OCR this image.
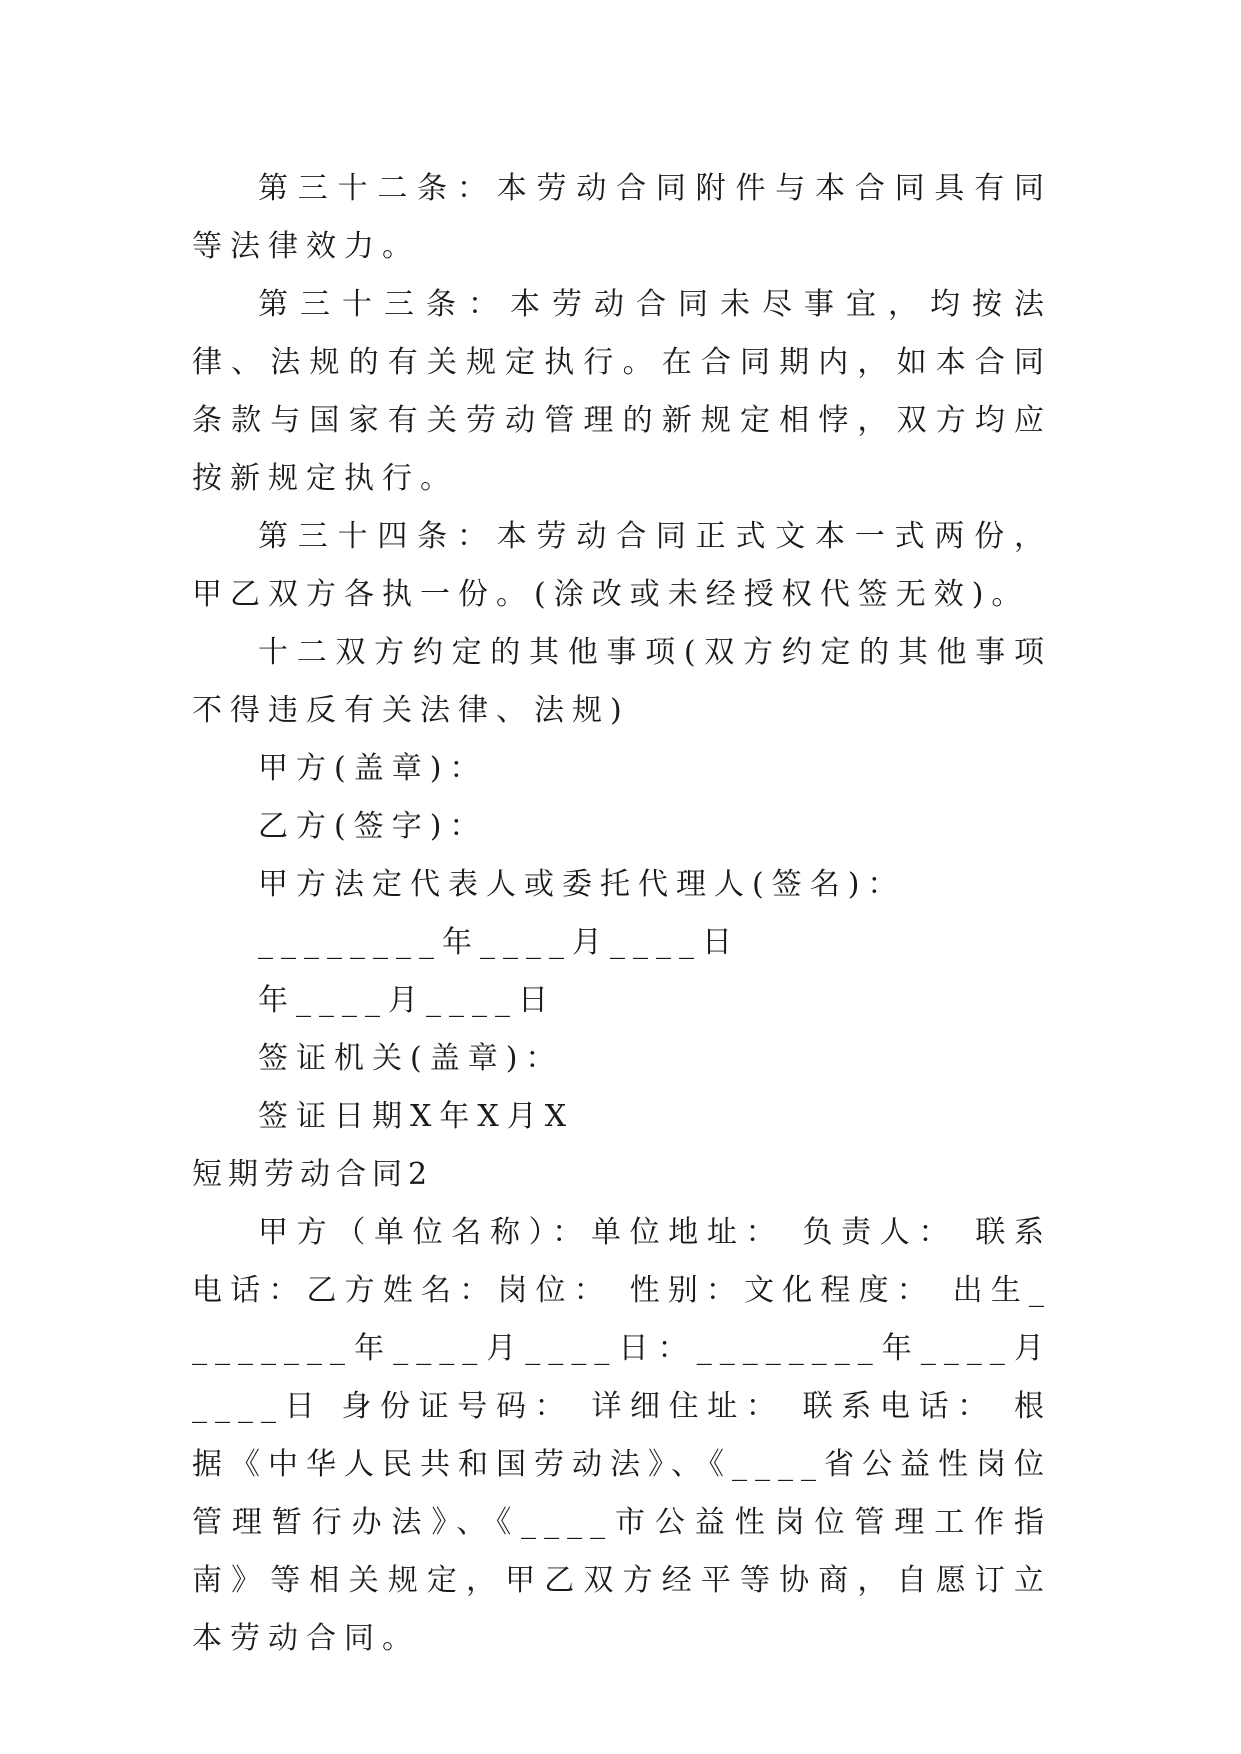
第三十二条：本劳动合同附件与本合同具有同等法律效力。

第三十三条：本劳动合同未尽事宜，均按法律、法规的有关规定执行。在合同期内，如本合同条款与国家有关劳动管理的新规定相悖，双方均应按新规定执行。

第三十四条：本劳动合同正式文本一式两份，甲乙双方各执一份。(涂改或未经授权代签无效)。

十二双方约定的其他事项(双方约定的其他事项不得违反有关法律、法规)

甲方(盖章)：

乙方(签字)：

甲方法定代表人或委托代理人(签名)：

________年____月____日

年____月____日

签证机关(盖章)：

签证日期X年X月X

短期劳动合同2

甲方（单位名称）：单位地址： 负责人： 联系电话：乙方姓名：岗位： 性别：文化程度： 出生________年____月____日：________年____月____日 身份证号码： 详细住址： 联系电话： 根据《中华人民共和国劳动法》、《____省公益性岗位管理暂行办法》、《____市公益性岗位管理工作指南》等相关规定，甲乙双方经平等协商，自愿订立本劳动合同。
